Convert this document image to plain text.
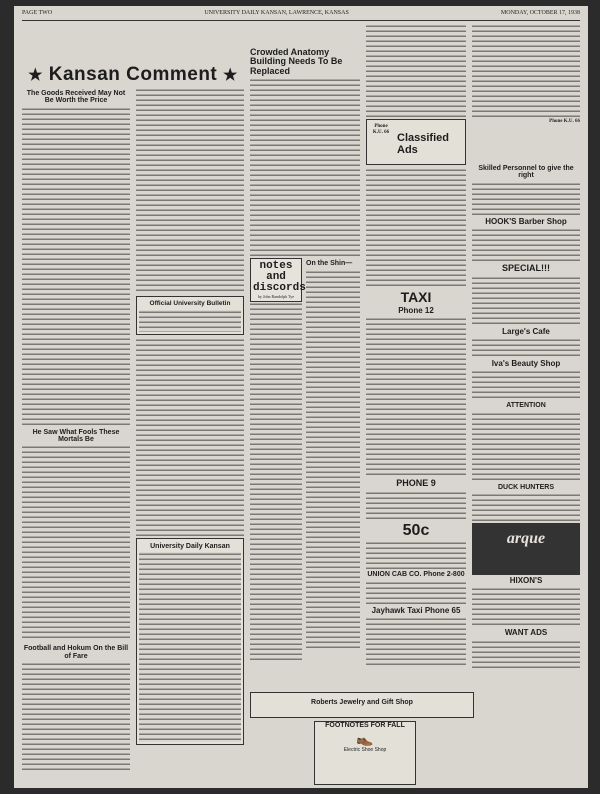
PAGE TWO	UNIVERSITY DAILY KANSAN, LAWRENCE, KANSAS	MONDAY, OCTOBER 17, 1938
★ Kansan Comment ★
The Goods Received May Not Be Worth the Price
He Saw What Fools These Mortals Be
Football and Hokum On the Bill of Fare
Official University Bulletin
University Daily Kansan
Crowded Anatomy Building Needs To Be Replaced
notes and discords
by John Randolph Tye
On the Shin—
Roberts Jewelry and Gift Shop
FOOTNOTES FOR FALL
👞
Electric Shoe Shop
Phone K.U. 66 Classified Ads
TAXI
Phone 12
PHONE 9
50c
UNION CAB CO. Phone 2-800
Jayhawk Taxi Phone 65
Phone K.U. 66
Skilled Personnel to give the right
HOOK'S Barber Shop
SPECIAL!!!
Large's Cafe
Iva's Beauty Shop
ATTENTION
DUCK HUNTERS
arque
HIXON'S
WANT ADS
